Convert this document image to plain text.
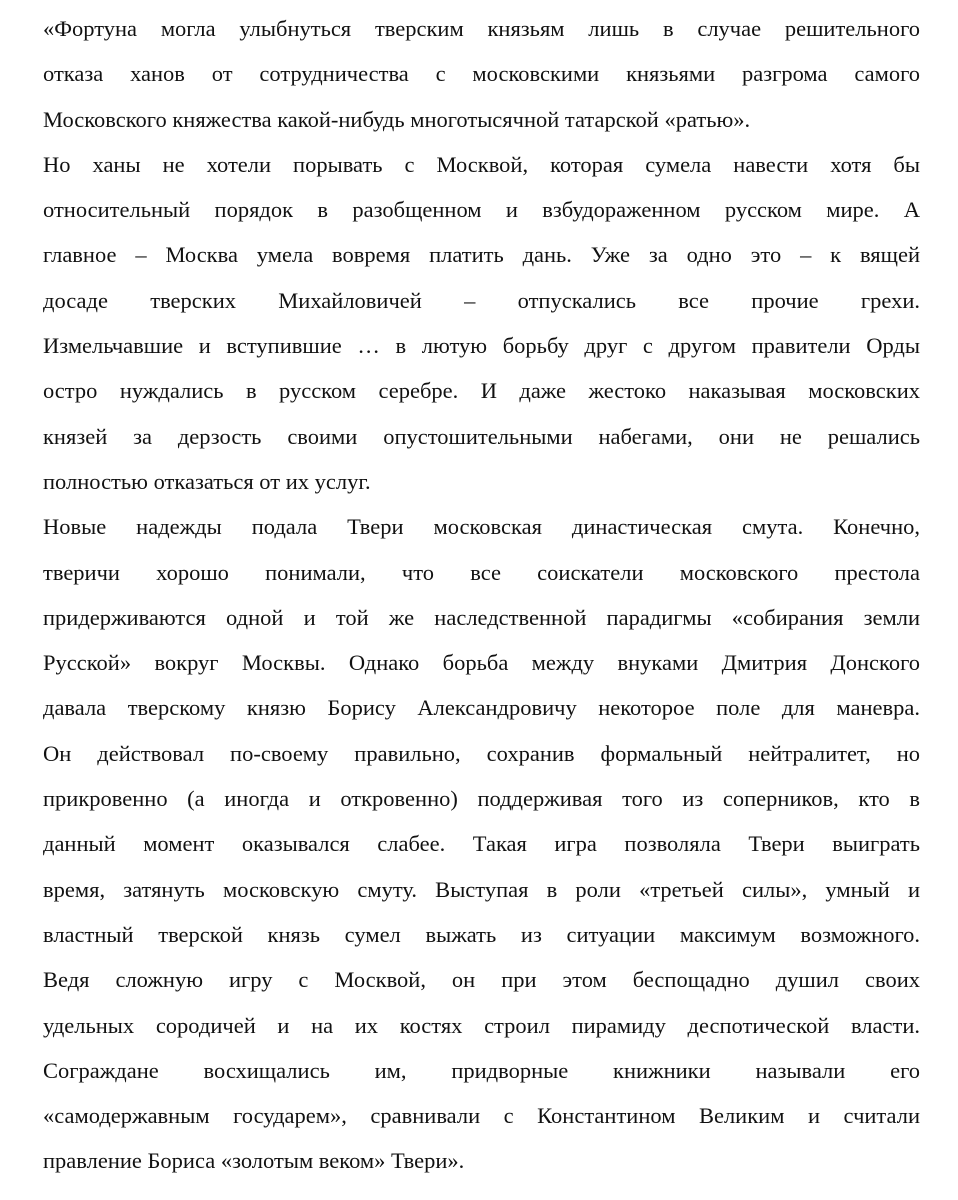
«Фортуна могла улыбнуться тверским князьям лишь в случае решительного
отказа ханов от сотрудничества с московскими князьями разгрома самого
Московского княжества какой-нибудь многотысячной татарской «ратью».
Но ханы не хотели порывать с Москвой, которая сумела навести хотя бы
относительный порядок в разобщенном и взбудораженном русском мире. А
главное – Москва умела вовремя платить дань. Уже за одно это – к вящей
досаде тверских Михайловичей – отпускались все прочие грехи.
Измельчавшие и вступившие … в лютую борьбу друг с другом правители Орды
остро нуждались в русском серебре. И даже жестоко наказывая московских
князей за дерзость своими опустошительными набегами, они не решались
полностью отказаться от их услуг.
Новые надежды подала Твери московская династическая смута. Конечно,
тверичи хорошо понимали, что все соискатели московского престола
придерживаются одной и той же наследственной парадигмы «собирания земли
Русской» вокруг Москвы. Однако борьба между внуками Дмитрия Донского
давала тверскому князю Борису Александровичу некоторое поле для маневра.
Он действовал по-своему правильно, сохранив формальный нейтралитет, но
прикровенно (а иногда и откровенно) поддерживая того из соперников, кто в
данный момент оказывался слабее. Такая игра позволяла Твери выиграть
время, затянуть московскую смуту. Выступая в роли «третьей силы», умный и
властный тверской князь сумел выжать из ситуации максимум возможного.
Ведя сложную игру с Москвой, он при этом беспощадно душил своих
удельных сородичей и на их костях строил пирамиду деспотической власти.
Сограждане восхищались им, придворные книжники называли его
«самодержавным государем», сравнивали с Константином Великим и считали
правление Бориса «золотым веком» Твери».
